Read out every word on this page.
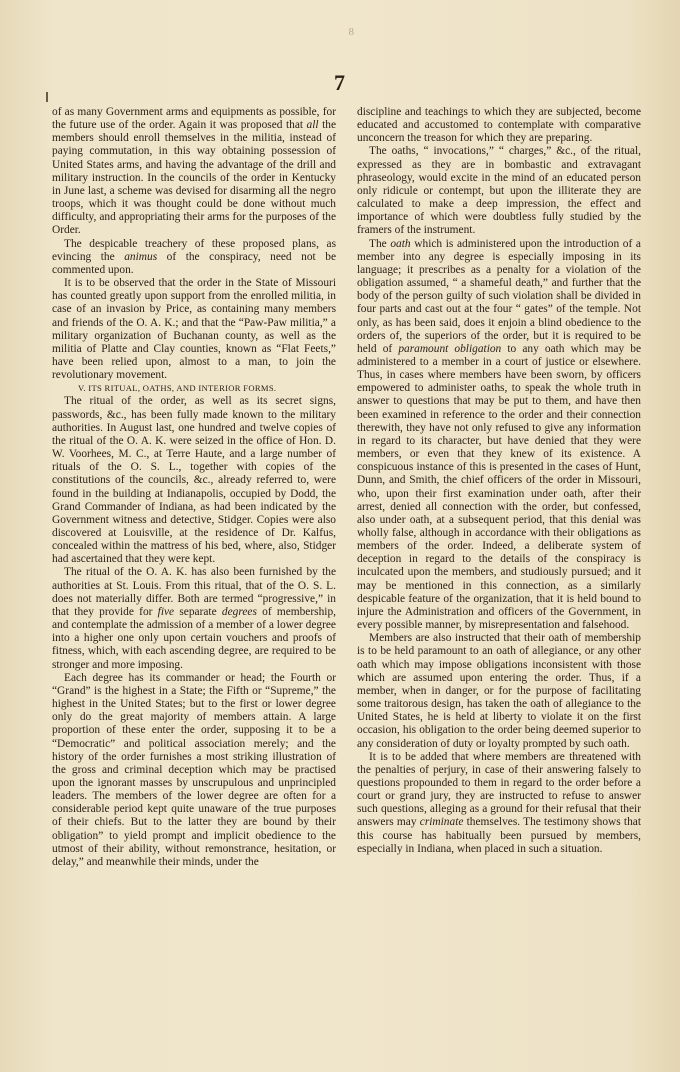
8
7

of as many Government arms and equipments as possible, for the future use of the order. Again it was proposed that all the members should enroll themselves in the militia, instead of paying commutation, in this way obtaining possession of United States arms, and having the advantage of the drill and military instruction. In the councils of the order in Kentucky in June last, a scheme was devised for disarming all the negro troops, which it was thought could be done without much difficulty, and appropriating their arms for the purposes of the Order.

The despicable treachery of these proposed plans, as evincing the animus of the conspiracy, need not be commented upon.

It is to be observed that the order in the State of Missouri has counted greatly upon support from the enrolled militia, in case of an invasion by Price, as containing many members and friends of the O. A. K.; and that the “Paw-Paw militia,” a military organization of Buchanan county, as well as the militia of Platte and Clay counties, known as “Flat Feets,” have been relied upon, almost to a man, to join the revolutionary movement.

V. ITS RITUAL, OATHS, AND INTERIOR FORMS.

The ritual of the order, as well as its secret signs, passwords, &c., has been fully made known to the military authorities. In August last, one hundred and twelve copies of the ritual of the O. A. K. were seized in the office of Hon. D. W. Voorhees, M. C., at Terre Haute, and a large number of rituals of the O. S. L., together with copies of the constitutions of the councils, &c., already referred to, were found in the building at Indianapolis, occupied by Dodd, the Grand Commander of Indiana, as had been indicated by the Government witness and detective, Stidger. Copies were also discovered at Louisville, at the residence of Dr. Kalfus, concealed within the mattress of his bed, where, also, Stidger had ascertained that they were kept.

The ritual of the O. A. K. has also been furnished by the authorities at St. Louis. From this ritual, that of the O. S. L. does not materially differ. Both are termed “progressive,” in that they provide for five separate degrees of membership, and contemplate the admission of a member of a lower degree into a higher one only upon certain vouchers and proofs of fitness, which, with each ascending degree, are required to be stronger and more imposing.

Each degree has its commander or head; the Fourth or “Grand” is the highest in a State; the Fifth or “Supreme,” the highest in the United States; but to the first or lower degree only do the great majority of members attain. A large proportion of these enter the order, supposing it to be a “Democratic” and political association merely; and the history of the order furnishes a most striking illustration of the gross and criminal deception which may be practised upon the ignorant masses by unscrupulous and unprincipled leaders. The members of the lower degree are often for a considerable period kept quite unaware of the true purposes of their chiefs. But to the latter they are bound by their obligation” to yield prompt and implicit obedience to the utmost of their ability, without remonstrance, hesitation, or delay,” and meanwhile their minds, under the

discipline and teachings to which they are subjected, become educated and accustomed to contemplate with comparative unconcern the treason for which they are preparing.

The oaths, “ invocations,” “ charges,” &c., of the ritual, expressed as they are in bombastic and extravagant phraseology, would excite in the mind of an educated person only ridicule or contempt, but upon the illiterate they are calculated to make a deep impression, the effect and importance of which were doubtless fully studied by the framers of the instrument.

The oath which is administered upon the introduction of a member into any degree is especially imposing in its language; it prescribes as a penalty for a violation of the obligation assumed, “ a shameful death,” and further that the body of the person guilty of such violation shall be divided in four parts and cast out at the four “ gates” of the temple. Not only, as has been said, does it enjoin a blind obedience to the orders of, the superiors of the order, but it is required to be held of paramount obligation to any oath which may be administered to a member in a court of justice or elsewhere. Thus, in cases where members have been sworn, by officers empowered to administer oaths, to speak the whole truth in answer to questions that may be put to them, and have then been examined in reference to the order and their connection therewith, they have not only refused to give any information in regard to its character, but have denied that they were members, or even that they knew of its existence. A conspicuous instance of this is presented in the cases of Hunt, Dunn, and Smith, the chief officers of the order in Missouri, who, upon their first examination under oath, after their arrest, denied all connection with the order, but confessed, also under oath, at a subsequent period, that this denial was wholly false, although in accordance with their obligations as members of the order. Indeed, a deliberate system of deception in regard to the details of the conspiracy is inculcated upon the members, and studiously pursued; and it may be mentioned in this connection, as a similarly despicable feature of the organization, that it is held bound to injure the Administration and officers of the Government, in every possible manner, by misrepresentation and falsehood.

Members are also instructed that their oath of membership is to be held paramount to an oath of allegiance, or any other oath which may impose obligations inconsistent with those which are assumed upon entering the order. Thus, if a member, when in danger, or for the purpose of facilitating some traitorous design, has taken the oath of allegiance to the United States, he is held at liberty to violate it on the first occasion, his obligation to the order being deemed superior to any consideration of duty or loyalty prompted by such oath.

It is to be added that where members are threatened with the penalties of perjury, in case of their answering falsely to questions propounded to them in regard to the order before a court or grand jury, they are instructed to refuse to answer such questions, alleging as a ground for their refusal that their answers may criminate themselves. The testimony shows that this course has habitually been pursued by members, especially in Indiana, when placed in such a situation.
